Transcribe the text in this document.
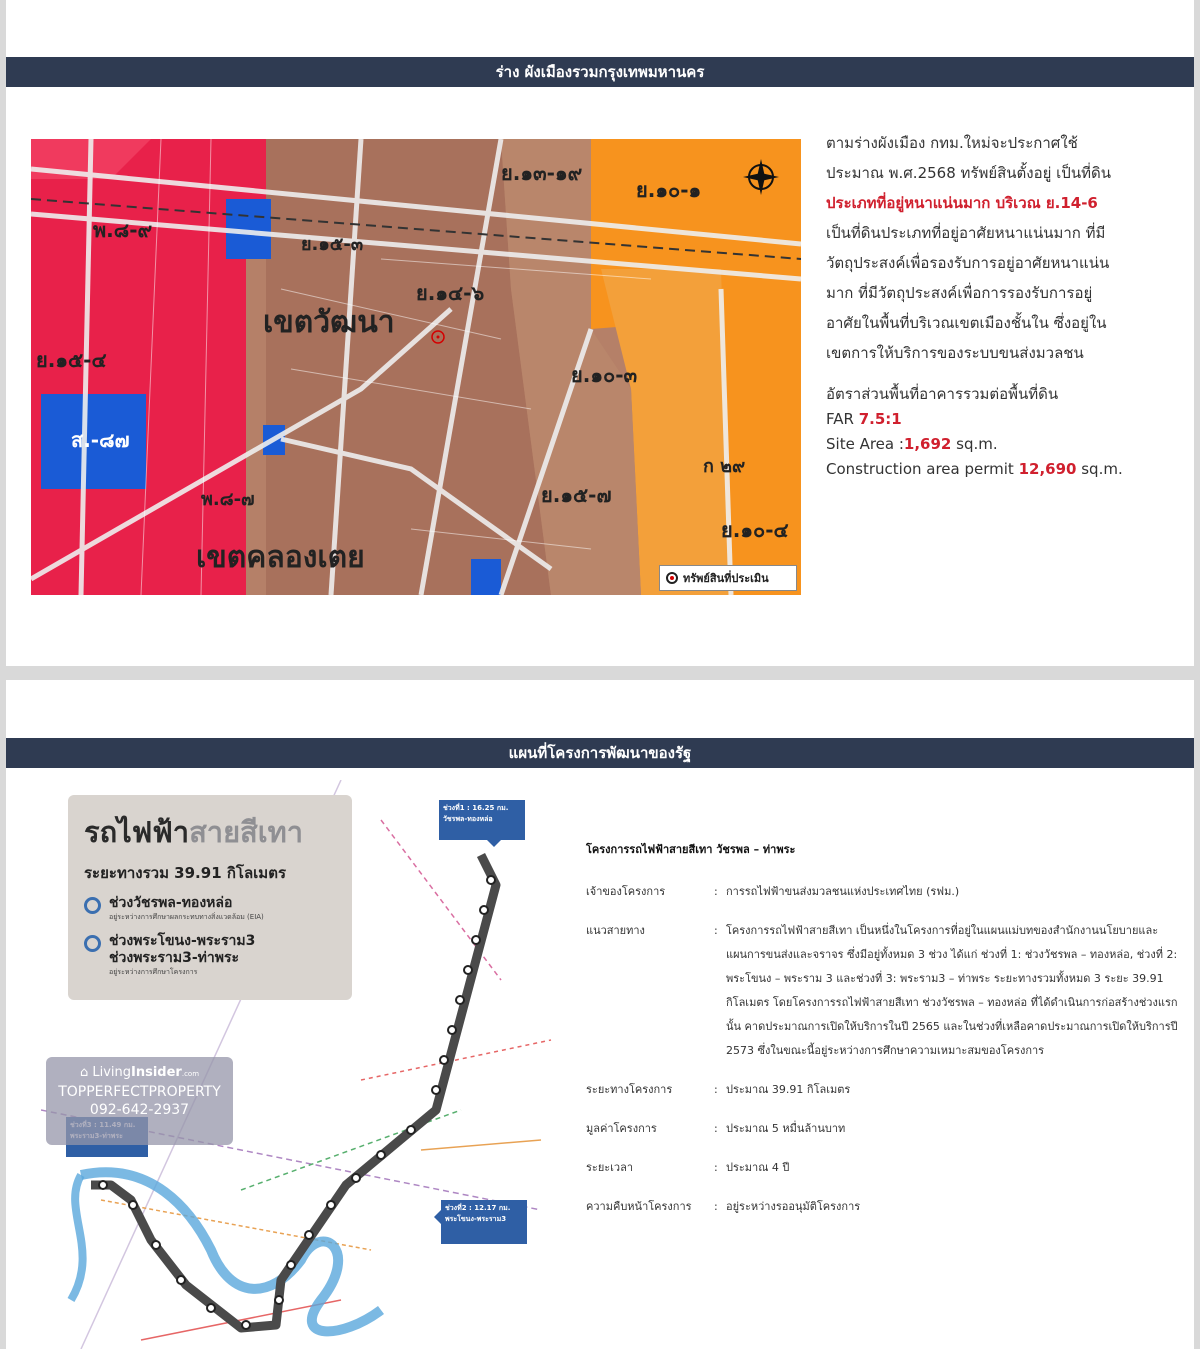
ร่าง ผังเมืองรวมกรุงเทพมหานคร
เขตวัฒนา
เขตคลองเตย
ย.๑๓-๑๙
ย.๑๔-๖
ย.๑๐-๓
ย.๑๕-๗
ย.๑๐-๔
พ.๘-๙
ย.๑๕-๓
ส.-๘๗
ก ๒๙
ย.๑๕-๔
พ.๘-๗
ย.๑๐-๑
ทรัพย์สินที่ประเมิน
ตามร่างผังเมือง กทม.ใหม่จะประกาศใช้
ประมาณ พ.ศ.2568 ทรัพย์สินตั้งอยู่ เป็นที่ดิน
ประเภทที่อยู่หนาแน่นมาก บริเวณ ย.14-6
เป็นที่ดินประเภทที่อยู่อาศัยหนาแน่นมาก ที่มี
วัตถุประสงค์เพื่อรองรับการอยู่อาศัยหนาแน่น
มาก ที่มีวัตถุประสงค์เพื่อการรองรับการอยู่
อาศัยในพื้นที่บริเวณเขตเมืองชั้นใน ซึ่งอยู่ใน
เขตการให้บริการของระบบขนส่งมวลชน
อัตราส่วนพื้นที่อาคารรวมต่อพื้นที่ดิน
FAR 7.5:1
Site Area :1,692 sq.m.
Construction area permit 12,690 sq.m.
แผนที่โครงการพัฒนาของรัฐ
รถไฟฟ้าสายสีเทา
ระยะทางรวม 39.91 กิโลเมตร
ช่วงวัชรพล-ทองหล่อ
อยู่ระหว่างการศึกษาผลกระทบทางสิ่งแวดล้อม (EIA)
ช่วงพระโขนง-พระราม3
ช่วงพระราม3-ท่าพระ
อยู่ระหว่างการศึกษาโครงการ
ช่วงที่1 : 16.25 กม.
วัชรพล-ทองหล่อ
ช่วงที่2 : 12.17 กม.
พระโขนง-พระราม3
⌂ LivingInsider.com
TOPPERFECTPROPERTY
092-642-2937
โครงการรถไฟฟ้าสายสีเทา วัชรพล – ท่าพระ
เจ้าของโครงการ	: การรถไฟฟ้าขนส่งมวลชนแห่งประเทศไทย (รฟม.)
แนวสายทาง	: โครงการรถไฟฟ้าสายสีเทา เป็นหนึ่งในโครงการที่อยู่ในแผนแม่บทของสำนักงานนโยบายและแผนการขนส่งและจราจร ซึ่งมีอยู่ทั้งหมด 3 ช่วง ได้แก่ ช่วงที่ 1: ช่วงวัชรพล – ทองหล่อ, ช่วงที่ 2: พระโขนง – พระราม 3 และช่วงที่ 3: พระราม3 – ท่าพระ ระยะทางรวมทั้งหมด 3 ระยะ 39.91 กิโลเมตร โดยโครงการรถไฟฟ้าสายสีเทา ช่วงวัชรพล – ทองหล่อ ที่ได้ดำเนินการก่อสร้างช่วงแรกนั้น คาดประมาณการเปิดให้บริการในปี 2565 และในช่วงที่เหลือคาดประมาณการเปิดให้บริการปี 2573 ซึ่งในขณะนี้อยู่ระหว่างการศึกษาความเหมาะสมของโครงการ
ระยะทางโครงการ	: ประมาณ 39.91 กิโลเมตร
มูลค่าโครงการ	: ประมาณ 5 หมื่นล้านบาท
ระยะเวลา	: ประมาณ 4 ปี
ความคืบหน้าโครงการ	: อยู่ระหว่างรออนุมัติโครงการ
